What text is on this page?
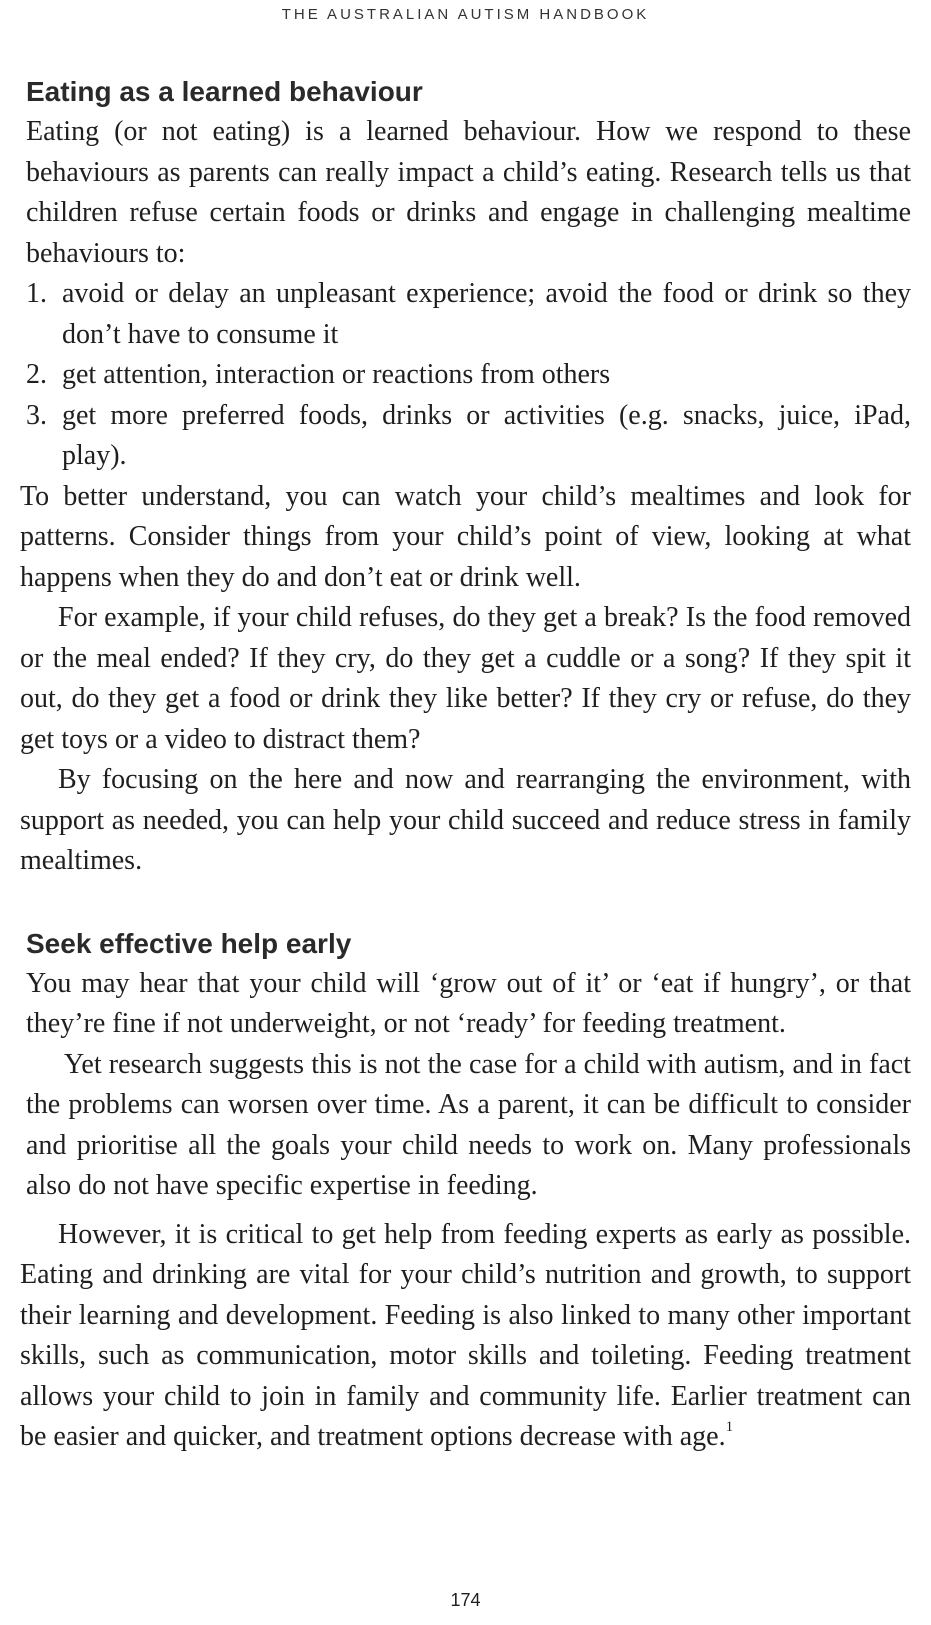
THE AUSTRALIAN AUTISM HANDBOOK
Eating as a learned behaviour

Eating (or not eating) is a learned behaviour. How we respond to these behaviours as parents can really impact a child’s eating. Research tells us that children refuse certain foods or drinks and engage in challenging mealtime behaviours to:

1. avoid or delay an unpleasant experience; avoid the food or drink so they don’t have to consume it
2. get attention, interaction or reactions from others
3. get more preferred foods, drinks or activities (e.g. snacks, juice, iPad, play).

To better understand, you can watch your child’s mealtimes and look for patterns. Consider things from your child’s point of view, looking at what happens when they do and don’t eat or drink well.

For example, if your child refuses, do they get a break? Is the food removed or the meal ended? If they cry, do they get a cuddle or a song? If they spit it out, do they get a food or drink they like better? If they cry or refuse, do they get toys or a video to distract them?

By focusing on the here and now and rearranging the environment, with support as needed, you can help your child succeed and reduce stress in family mealtimes.

Seek effective help early

You may hear that your child will ‘grow out of it’ or ‘eat if hungry’, or that they’re fine if not underweight, or not ‘ready’ for feeding treatment.

Yet research suggests this is not the case for a child with autism, and in fact the problems can worsen over time. As a parent, it can be difficult to consider and prioritise all the goals your child needs to work on. Many professionals also do not have specific expertise in feeding.

However, it is critical to get help from feeding experts as early as possible. Eating and drinking are vital for your child’s nutrition and growth, to support their learning and development. Feeding is also linked to many other important skills, such as communication, motor skills and toileting. Feeding treatment allows your child to join in family and community life. Earlier treatment can be easier and quicker, and treatment options decrease with age.$^1$

174
